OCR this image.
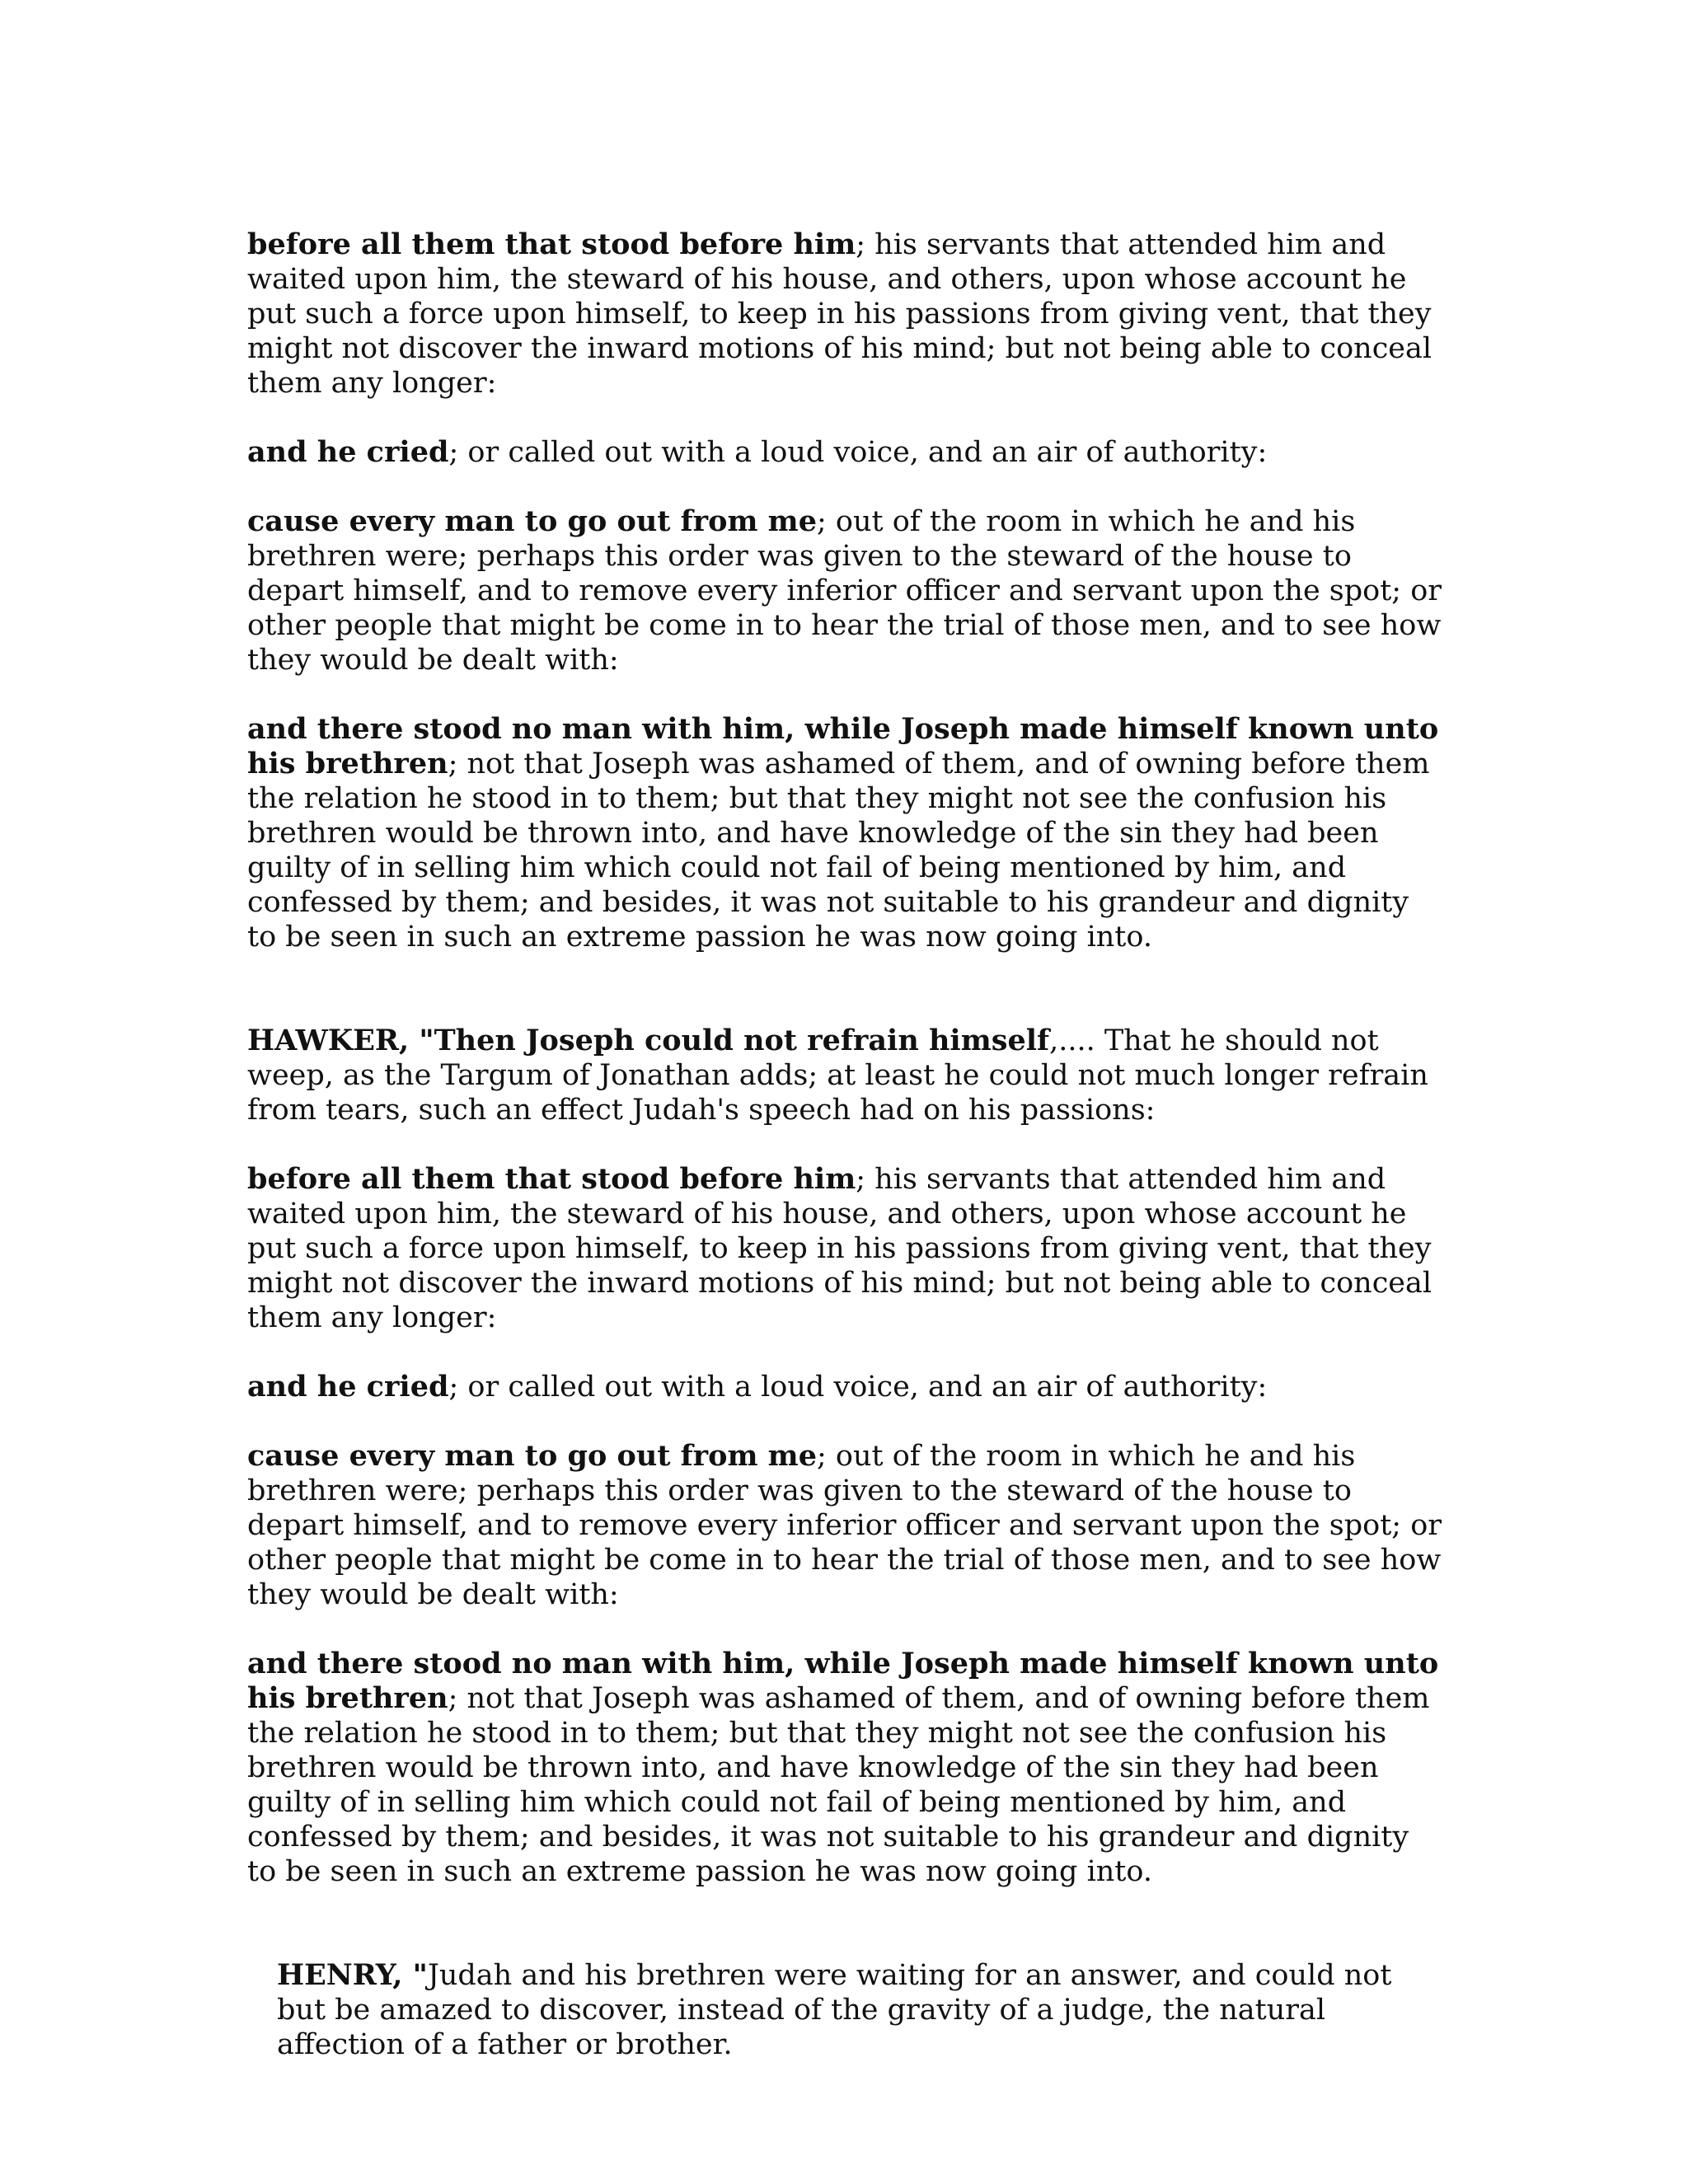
before all them that stood before him; his servants that attended him and waited upon him, the steward of his house, and others, upon whose account he put such a force upon himself, to keep in his passions from giving vent, that they might not discover the inward motions of his mind; but not being able to conceal them any longer:

and he cried; or called out with a loud voice, and an air of authority:

cause every man to go out from me; out of the room in which he and his brethren were; perhaps this order was given to the steward of the house to depart himself, and to remove every inferior officer and servant upon the spot; or other people that might be come in to hear the trial of those men, and to see how they would be dealt with:

and there stood no man with him, while Joseph made himself known unto his brethren; not that Joseph was ashamed of them, and of owning before them the relation he stood in to them; but that they might not see the confusion his brethren would be thrown into, and have knowledge of the sin they had been guilty of in selling him which could not fail of being mentioned by him, and confessed by them; and besides, it was not suitable to his grandeur and dignity to be seen in such an extreme passion he was now going into.

HAWKER, "Then Joseph could not refrain himself,.... That he should not weep, as the Targum of Jonathan adds; at least he could not much longer refrain from tears, such an effect Judah's speech had on his passions:

before all them that stood before him; his servants that attended him and waited upon him, the steward of his house, and others, upon whose account he put such a force upon himself, to keep in his passions from giving vent, that they might not discover the inward motions of his mind; but not being able to conceal them any longer:

and he cried; or called out with a loud voice, and an air of authority:

cause every man to go out from me; out of the room in which he and his brethren were; perhaps this order was given to the steward of the house to depart himself, and to remove every inferior officer and servant upon the spot; or other people that might be come in to hear the trial of those men, and to see how they would be dealt with:

and there stood no man with him, while Joseph made himself known unto his brethren; not that Joseph was ashamed of them, and of owning before them the relation he stood in to them; but that they might not see the confusion his brethren would be thrown into, and have knowledge of the sin they had been guilty of in selling him which could not fail of being mentioned by him, and confessed by them; and besides, it was not suitable to his grandeur and dignity to be seen in such an extreme passion he was now going into.

HENRY, "Judah and his brethren were waiting for an answer, and could not but be amazed to discover, instead of the gravity of a judge, the natural affection of a father or brother.
